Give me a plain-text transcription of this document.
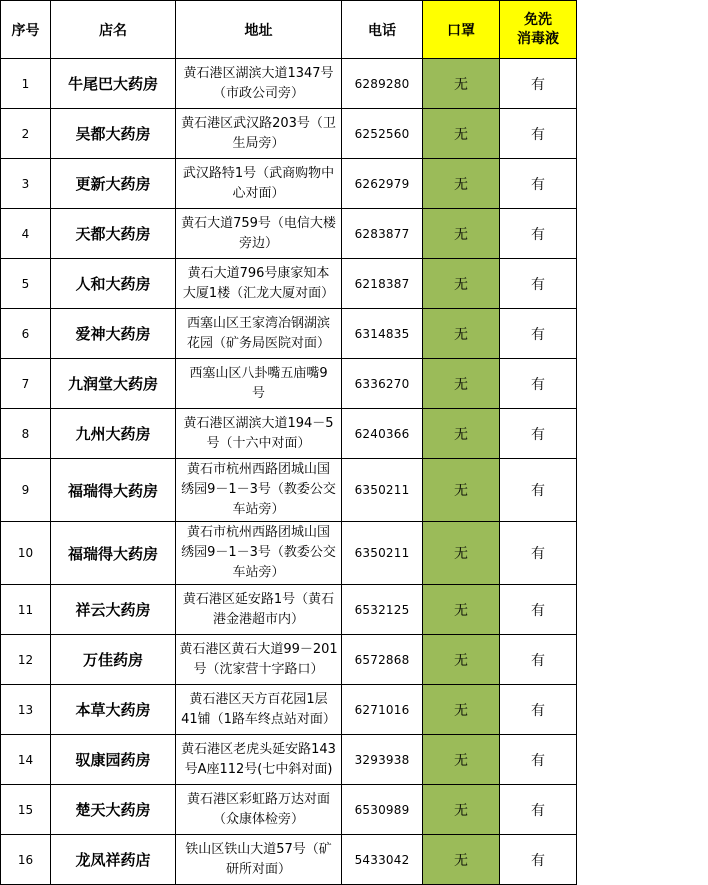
序号	店名	地址	电话	口罩	免洗
消毒液

1	牛尾巴大药房	黄石港区湖滨大道1347号
（市政公司旁）	6289280	无	有
2	吴都大药房	黄石港区武汉路203号（卫
生局旁）	6252560	无	有
3	更新大药房	武汉路特1号（武商购物中
心对面）	6262979	无	有
4	天都大药房	黄石大道759号（电信大楼
旁边）	6283877	无	有
5	人和大药房	黄石大道796号康家知本
大厦1楼（汇龙大厦对面）	6218387	无	有
6	爱神大药房	西塞山区王家湾冶钢湖滨
花园（矿务局医院对面）	6314835	无	有
7	九润堂大药房	西塞山区八卦嘴五庙嘴9
号	6336270	无	有
8	九州大药房	黄石港区湖滨大道194－5
号（十六中对面）	6240366	无	有
9	福瑞得大药房	黄石市杭州西路团城山国
绣园9－1－3号（教委公交
车站旁）	6350211	无	有
10	福瑞得大药房	黄石市杭州西路团城山国
绣园9－1－3号（教委公交
车站旁）	6350211	无	有
11	祥云大药房	黄石港区延安路1号（黄石
港金港超市内）	6532125	无	有
12	万佳药房	黄石港区黄石大道99－201
号（沈家营十字路口）	6572868	无	有
13	本草大药房	黄石港区天方百花园1层
41铺（1路车终点站对面）	6271016	无	有
14	驭康园药房	黄石港区老虎头延安路143
号A座112号(七中斜对面)	3293938	无	有
15	楚天大药房	黄石港区彩虹路万达对面
（众康体检旁）	6530989	无	有
16	龙凤祥药店	铁山区铁山大道57号（矿
研所对面）	5433042	无	有
